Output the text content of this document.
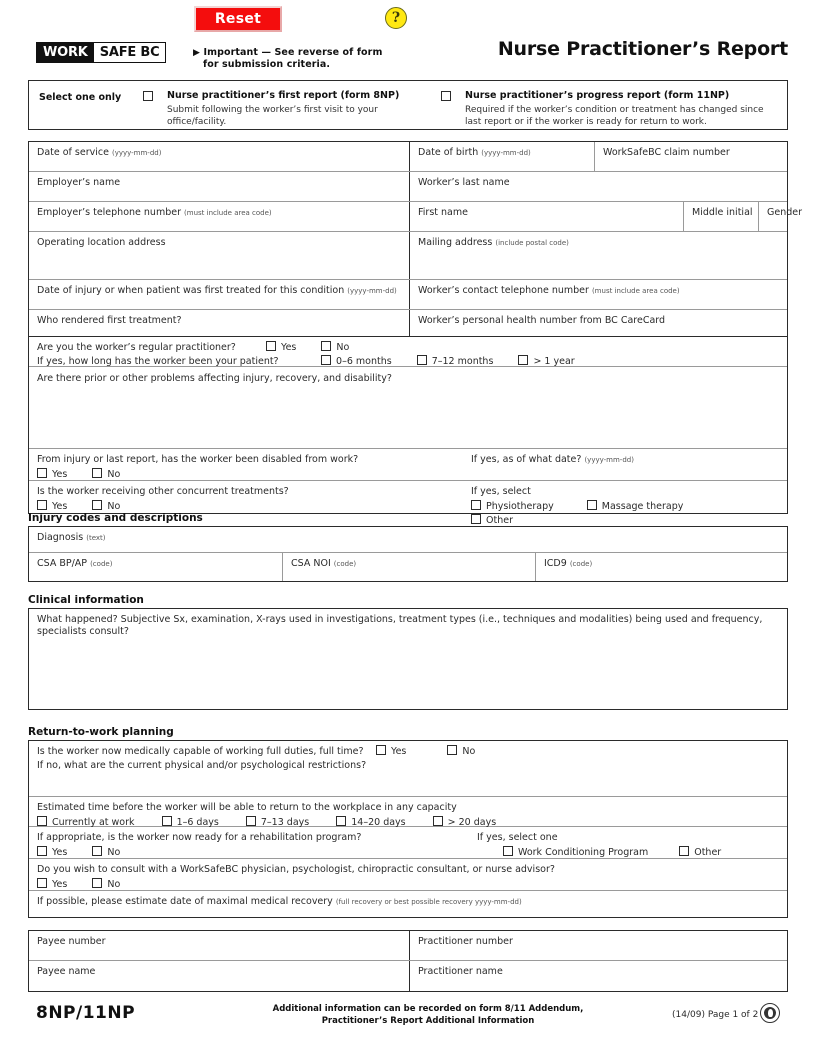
Reset	?
WORK SAFE BC	▶ Important — See reverse of form
for submission criteria.
Nurse Practitioner’s Report
Select one only	Nurse practitioner’s first report (form 8NP)
Submit following the worker’s first visit to your office/facility.
Nurse practitioner’s progress report (form 11NP)
Required if the worker’s condition or treatment has changed since last report or if the worker is ready for return to work.
Date of service (yyyy-mm-dd)	Date of birth (yyyy-mm-dd)	WorkSafeBC claim number
Employer’s name	Worker’s last name
Employer’s telephone number (must include area code)	First name	Middle initial	Gender
Operating location address	Mailing address (include postal code)
Date of injury or when patient was first treated for this condition (yyyy-mm-dd)	Worker’s contact telephone number (must include area code)
Who rendered first treatment?	Worker’s personal health number from BC CareCard
Are you the worker’s regular practitioner?	Yes	No
If yes, how long has the worker been your patient?	0–6 months	7–12 months	> 1 year
Are there prior or other problems affecting injury, recovery, and disability?
From injury or last report, has the worker been disabled from work?
Yes	No
If yes, as of what date? (yyyy-mm-dd)
Is the worker receiving other concurrent treatments?
Yes	No
If yes, select
Physiotherapy	Massage therapy Other
Injury codes and descriptions
Diagnosis (text)
CSA BP/AP (code)	CSA NOI (code)	ICD9 (code)
Clinical information
What happened? Subjective Sx, examination, X-rays used in investigations, treatment types (i.e., techniques and modalities) being used and frequency, specialists consult?
Return-to-work planning
Is the worker now medically capable of working full duties, full time?	Yes	No
If no, what are the current physical and/or psychological restrictions?
Estimated time before the worker will be able to return to the workplace in any capacity
Currently at work	1–6 days	7–13 days	14–20 days	> 20 days
If appropriate, is the worker now ready for a rehabilitation program?
Yes	No
If yes, select one
Work Conditioning Program	Other
Do you wish to consult with a WorkSafeBC physician, psychologist, chiropractic consultant, or nurse advisor?
Yes	No
If possible, please estimate date of maximal medical recovery (full recovery or best possible recovery yyyy-mm-dd)
Payee number	Practitioner number
Payee name	Practitioner name
8NP/11NP	Additional information can be recorded on form 8/11 Addendum,
Practitioner’s Report Additional Information
(14/09) Page 1 of 2
